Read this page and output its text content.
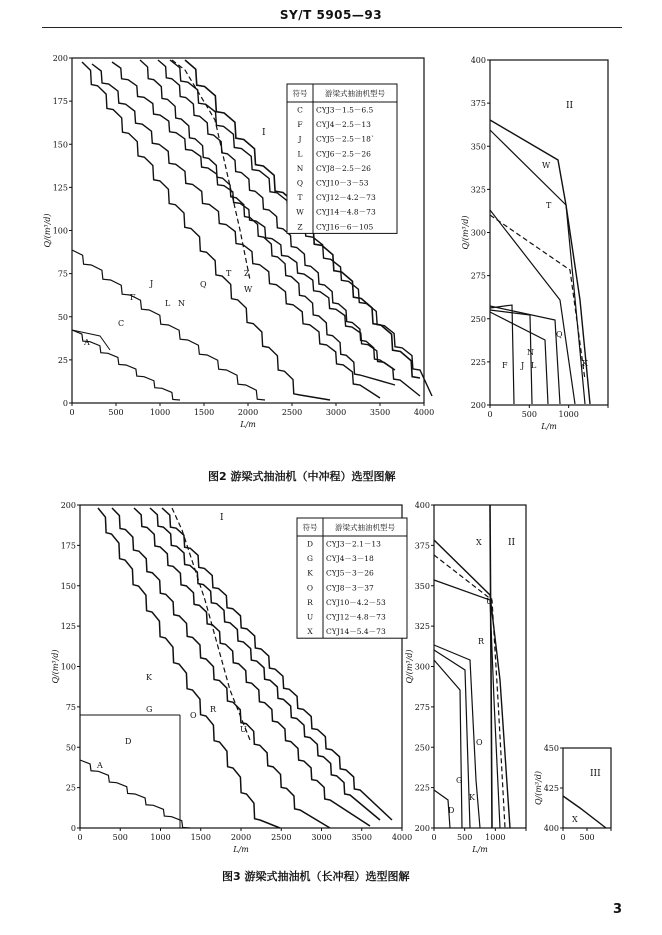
SY/T 5905—93
0	500	1000	1500	2000	2500	3000	3500	4000
0
25
50
75
100
125
150
175
200
L/m
Q/(m³/d)
I
A
C
F
J
L N
Q
T Z
W
符号 游梁式抽油机型号
C CYJ3－1.5－6.5
F CYJ4－2.5－13
J CYJ5－2.5－18`
L CYJ6－2.5－26
N CYJ8－2.5－26
Q CYJ10－3－53
T CYJ12－4.2－73
W CYJ14－4.8－73
Z CYJ16－6－105
0	500	1000
200
225
250
275
300
325
350
375
400
L/m
Q/(m³/d)
II
W
T
Q
F J L
N
K
0	500	1000 1500 2000 2500 3000 3500 4000
0
25
50
75
100
125
150
175
200
L/m
Q/(m³/d)
I
A
D
G
K
O
R
U
符号 游梁式抽油机型号
D CYJ3－2.1－13
G CYJ4－3－18
K CYJ5－3－26
O CYJ8－3－37
R CYJ10－4.2－53
U CYJ12－4.8－73
X CYJ14－5.4－73
0	500 1000
200
225
250
275
300
325
350
375
400
L/m
Q/(m³/d)
II
X
U
R
O
K
G
D
0 500
400
425
450
Q/(m³/d)	III
X
图2 游梁式抽油机（中冲程）选型图解
图3 游梁式抽油机（长冲程）选型图解
3
